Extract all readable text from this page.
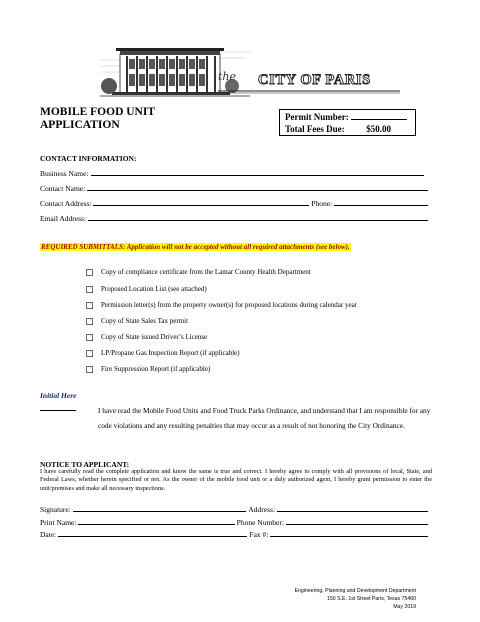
the CITY OF PARIS
MOBILE FOOD UNIT
APPLICATION
Permit Number:
Total Fees Due: $50.00
CONTACT INFORMATION:
Business Name:
Contact Name:
Contact Address:	Phone:
Email Address:
REQUIRED SUBMITTALS: Application will not be accepted without all required attachments (see below).
Copy of compliance certificate from the Lamar County Health Department
Proposed Location List (see attached)
Permission letter(s) from the property owner(s) for proposed locations during calendar year
Copy of State Sales Tax permit
Copy of State issued Driver’s License
LP/Propane Gas Inspection Report (if applicable)
Fire Suppression Report (if applicable)
Initial Here
I have read the Mobile Food Units and Food Truck Parks Ordinance, and understand that I am responsible for any code violations and any resulting penalties that may occur as a result of not honoring the City Ordinance.
NOTICE TO APPLICANT:
I have carefully read the complete application and know the same is true and correct. I hereby agree to comply with all provisions of local, State, and Federal Laws, whether herein specified or not. As the owner of the mobile food unit or a duly authorized agent, I hereby grant permission to enter the unit/premises and make all necessary inspections.
Signature:	Address:
Print Name:	Phone Number:
Date:	Fax #:
Engineering, Planning and Development Department
150 S.E. 1st Street Paris, Texas 75460
May 2019
